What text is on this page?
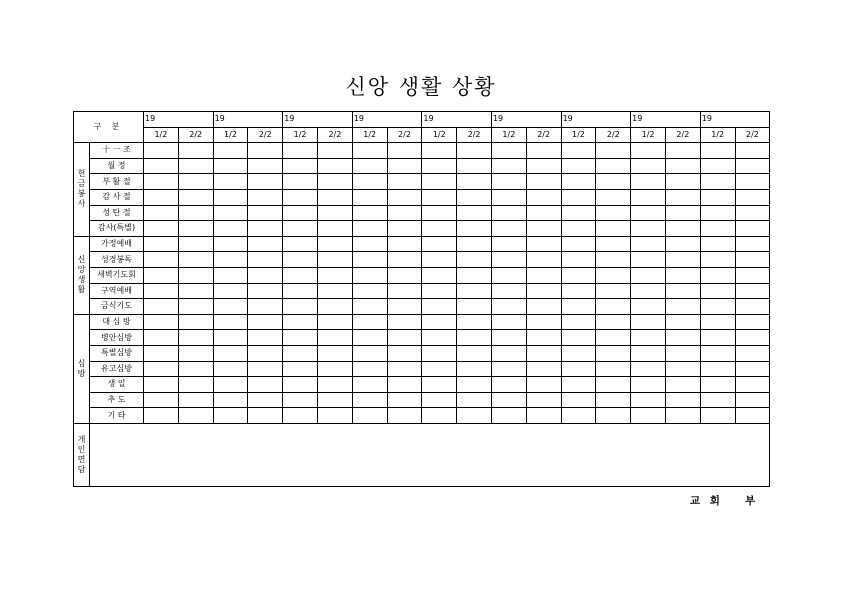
신앙 생활 상황
구 분		19		19		19		19		19		19		19		19		19	
		1/2	2/2	1/2	2/2	1/2	2/2	1/2	2/2	1/2	2/2	1/2	2/2	1/2	2/2	1/2	2/2	1/2	2/2
헌금봉사	十 一 조																		
	월 정																		
	부 활 절																		
	감 사 절																		
	성 탄 절																		
	감사(특별)																		
신앙생활	가정예배																		
	성경봉독																		
	새벽기도회																		
	구역예배																		
	금식기도																		
심방	대 심 방																		
	병안심방																		
	특별심방																		
	유고심방																		
	생 일																		
	추 도																		
	기 타																		
개인면담																			
교 회 부
